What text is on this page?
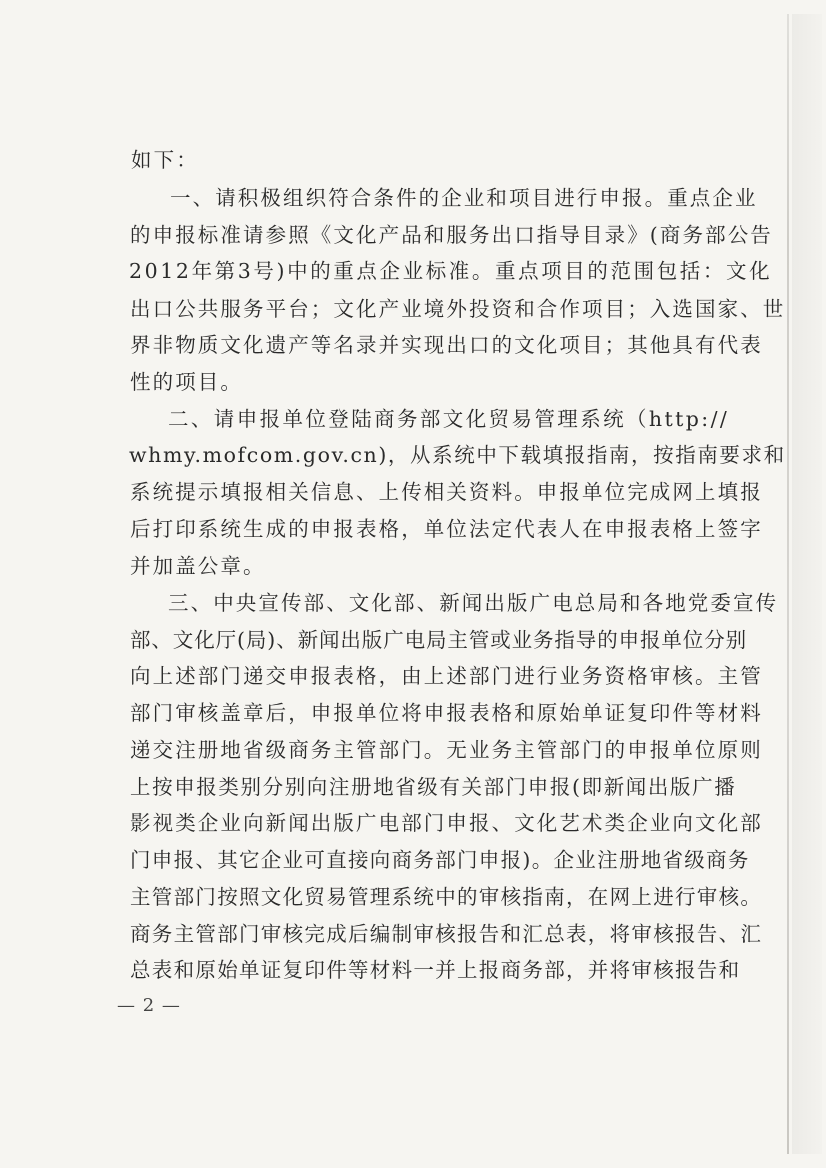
如下：
一、请积极组织符合条件的企业和项目进行申报。重点企业
的申报标准请参照《文化产品和服务出口指导目录》(商务部公告
2012年第3号)中的重点企业标准。重点项目的范围包括：文化
出口公共服务平台；文化产业境外投资和合作项目；入选国家、世
界非物质文化遗产等名录并实现出口的文化项目；其他具有代表
性的项目。
二、请申报单位登陆商务部文化贸易管理系统（http://
whmy.mofcom.gov.cn)，从系统中下载填报指南，按指南要求和
系统提示填报相关信息、上传相关资料。申报单位完成网上填报
后打印系统生成的申报表格，单位法定代表人在申报表格上签字
并加盖公章。
三、中央宣传部、文化部、新闻出版广电总局和各地党委宣传
部、文化厅(局)、新闻出版广电局主管或业务指导的申报单位分别
向上述部门递交申报表格，由上述部门进行业务资格审核。主管
部门审核盖章后，申报单位将申报表格和原始单证复印件等材料
递交注册地省级商务主管部门。无业务主管部门的申报单位原则
上按申报类别分别向注册地省级有关部门申报(即新闻出版广播
影视类企业向新闻出版广电部门申报、文化艺术类企业向文化部
门申报、其它企业可直接向商务部门申报)。企业注册地省级商务
主管部门按照文化贸易管理系统中的审核指南，在网上进行审核。
商务主管部门审核完成后编制审核报告和汇总表，将审核报告、汇
总表和原始单证复印件等材料一并上报商务部，并将审核报告和
— 2 —
